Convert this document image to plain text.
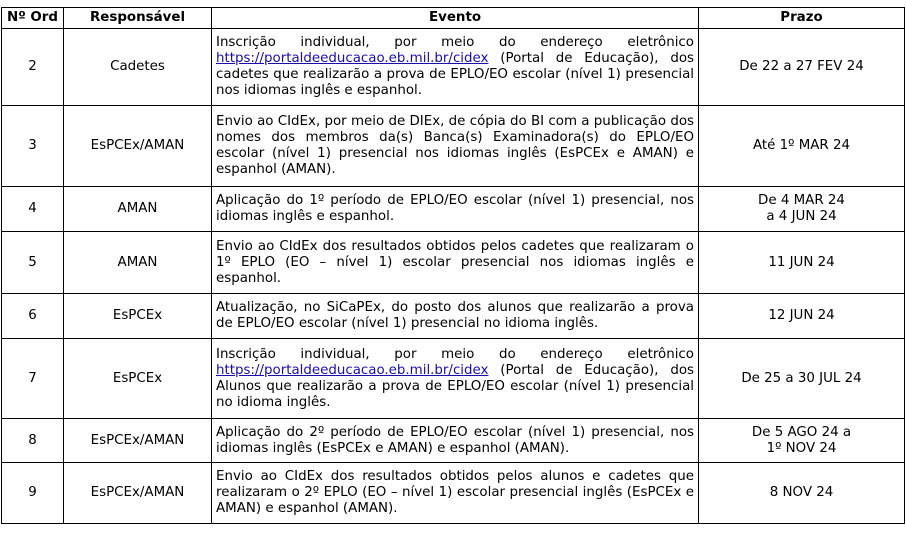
Nº Ord	Responsável	Evento	Prazo
2	Cadetes	Inscrição individual, por meio do endereço eletrônico https://portaldeeducacao.eb.mil.br/cidex (Portal de Educação), dos cadetes que realizarão a prova de EPLO/EO escolar (nível 1) presencial nos idiomas inglês e espanhol.	De 22 a 27 FEV 24
3	EsPCEx/AMAN	Envio ao CIdEx, por meio de DIEx, de cópia do BI com a publicação dos nomes dos membros da(s) Banca(s) Examinadora(s) do EPLO/EO escolar (nível 1) presencial nos idiomas inglês (EsPCEx e AMAN) e espanhol (AMAN).	Até 1º MAR 24
4	AMAN	Aplicação do 1º período de EPLO/EO escolar (nível 1) presencial, nos idiomas inglês e espanhol.	De 4 MAR 24
a 4 JUN 24

5	AMAN	Envio ao CIdEx dos resultados obtidos pelos cadetes que realizaram o 1º EPLO (EO – nível 1) escolar presencial nos idiomas inglês e espanhol.	11 JUN 24
6	EsPCEx	Atualização, no SiCaPEx, do posto dos alunos que realizarão a prova de EPLO/EO escolar (nível 1) presencial no idioma inglês.	12 JUN 24
7	EsPCEx	Inscrição individual, por meio do endereço eletrônico https://portaldeeducacao.eb.mil.br/cidex (Portal de Educação), dos Alunos que realizarão a prova de EPLO/EO escolar (nível 1) presencial no idioma inglês.	De 25 a 30 JUL 24
8	EsPCEx/AMAN	Aplicação do 2º período de EPLO/EO escolar (nível 1) presencial, nos idiomas inglês (EsPCEx e AMAN) e espanhol (AMAN).	De 5 AGO 24 a
1º NOV 24

9	EsPCEx/AMAN	Envio ao CIdEx dos resultados obtidos pelos alunos e cadetes que realizaram o 2º EPLO (EO – nível 1) escolar presencial inglês (EsPCEx e AMAN) e espanhol (AMAN).	8 NOV 24
